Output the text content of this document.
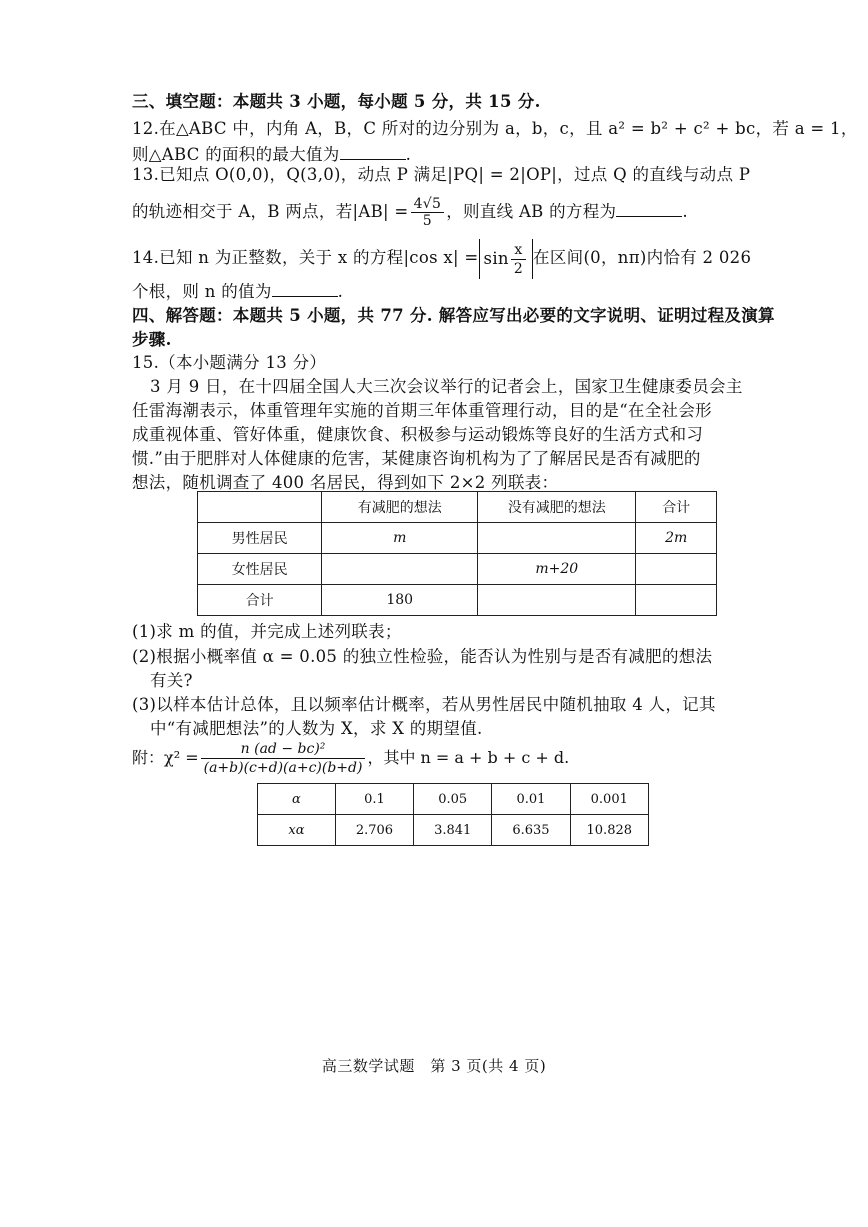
三、填空题：本题共 3 小题，每小题 5 分，共 15 分.
12.在△ABC 中，内角 A，B，C 所对的边分别为 a，b，c，且 a² = b² + c² + bc，若 a = 1，
则△ABC 的面积的最大值为	.
13.已知点 O(0,0)，Q(3,0)，动点 P 满足|PQ| = 2|OP|，过点 Q 的直线与动点 P
的轨迹相交于 A，B 两点，若$|AB| = \frac{4√5}{5}$ ，则直线 AB 的方程为	.
14.已知 n 为正整数，关于 x 的方程|cos $x| = \sin \frac{x}{2}$ 在区间(0，nπ)内恰有 2 026
个根，则 n 的值为	.
四、解答题：本题共 5 小题，共 77 分. 解答应写出必要的文字说明、证明过程及演算
步骤.
15.（本小题满分 13 分）
3 月 9 日，在十四届全国人大三次会议举行的记者会上，国家卫生健康委员会主
任雷海潮表示，体重管理年实施的首期三年体重管理行动，目的是“在全社会形
成重视体重、管好体重，健康饮食、积极参与运动锻炼等良好的生活方式和习
惯.”由于肥胖对人体健康的危害，某健康咨询机构为了了解居民是否有减肥的
想法，随机调查了 400 名居民，得到如下 2×2 列联表：
	有减肥的想法	没有减肥的想法	合计
男性居民	m		2m
女性居民		m+20	
合计	180		
(1)求 m 的值，并完成上述列联表；
(2)根据小概率值 α = 0.05 的独立性检验，能否认为性别与是否有减肥的想法
有关?
(3)以样本估计总体，且以频率估计概率，若从男性居民中随机抽取 4 人，记其
中“有减肥想法”的人数为 X，求 X 的期望值.
附：$\chi^2 = \frac{\text{n (ad − bc)²}}{(a+b)(c+d)(a+c)(b+d)}$ ，其中 n = a + b + c + d.
α	0.1	0.05	0.01	0.001
xα	2.706	3.841	6.635	10.828
高三数学试题　第 3 页(共 4 页)
